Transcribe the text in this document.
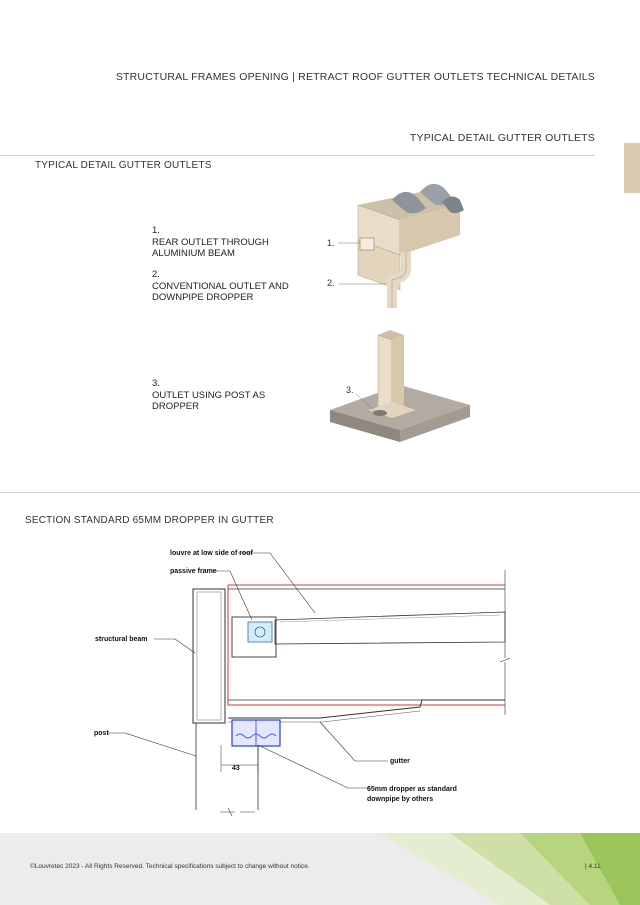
STRUCTURAL FRAMES OPENING | RETRACT ROOF GUTTER OUTLETS TECHNICAL DETAILS
TYPICAL DETAIL GUTTER OUTLETS
TYPICAL DETAIL GUTTER OUTLETS
1.
REAR OUTLET THROUGH
ALUMINIUM BEAM
2.
CONVENTIONAL OUTLET AND
DOWNPIPE DROPPER
3.
OUTLET USING POST AS
DROPPER
1.
2.
3.
SECTION STANDARD 65MM DROPPER IN GUTTER
43
louvre at low side of roof
passive frame
structural beam
post
gutter
65mm dropper as standard
downpipe by others
©Louvretec 2023 - All Rights Reserved. Technical specifications subject to change without notice.	| 4.11
